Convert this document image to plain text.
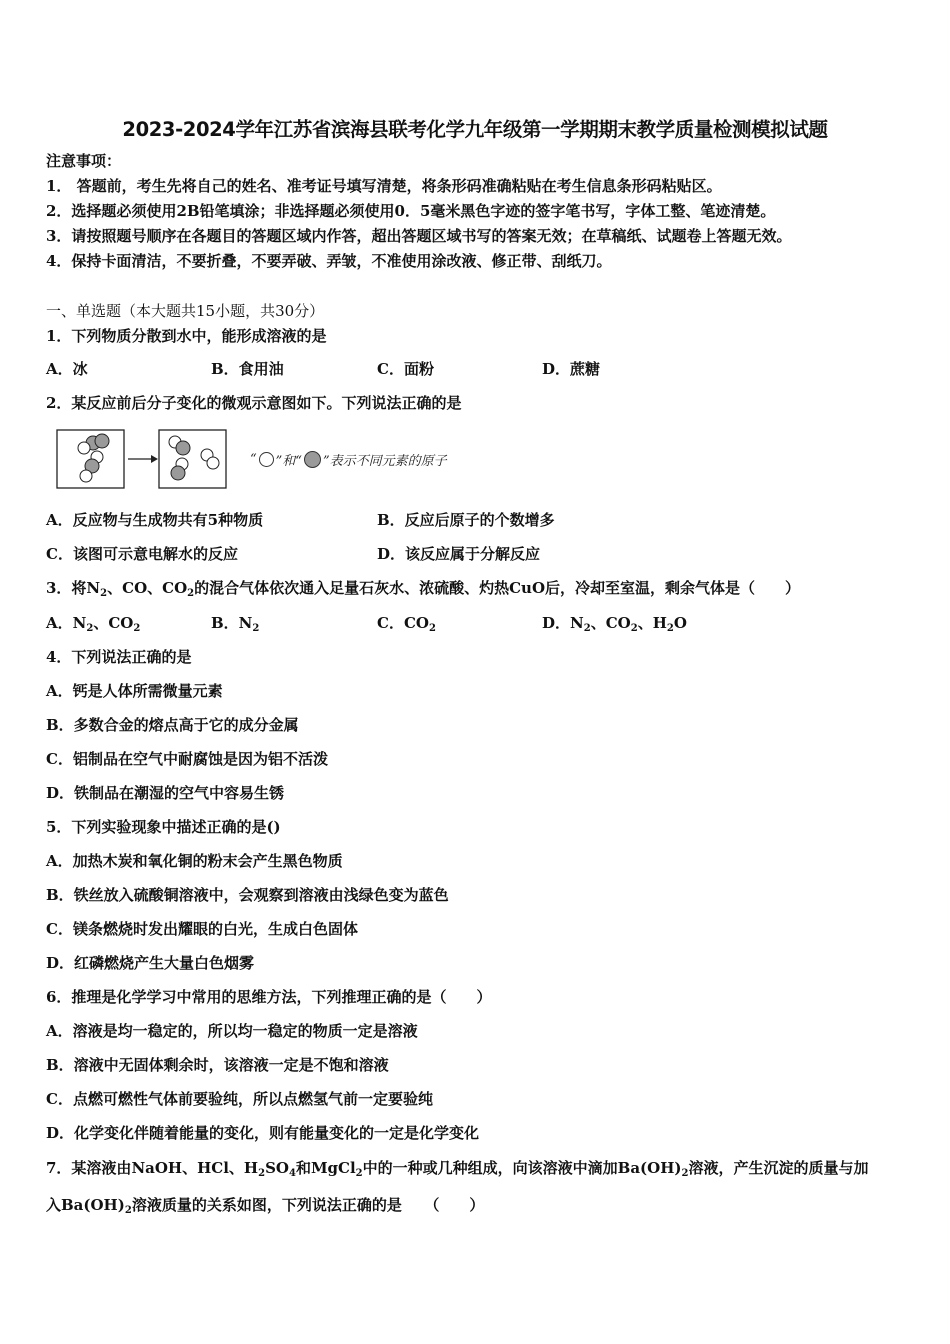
2023-2024学年江苏省滨海县联考化学九年级第一学期期末教学质量检测模拟试题
注意事项：
1． 答题前，考生先将自己的姓名、准考证号填写清楚，将条形码准确粘贴在考生信息条形码粘贴区。
2．选择题必须使用2B铅笔填涂；非选择题必须使用0．5毫米黑色字迹的签字笔书写，字体工整、笔迹清楚。
3．请按照题号顺序在各题目的答题区域内作答，超出答题区域书写的答案无效；在草稿纸、试题卷上答题无效。
4．保持卡面清洁，不要折叠，不要弄破、弄皱，不准使用涂改液、修正带、刮纸刀。
一、单选题（本大题共15小题，共30分）
1．下列物质分散到水中，能形成溶液的是
A．冰	B．食用油	C．面粉	D．蔗糖
2．某反应前后分子变化的微观示意图如下。下列说法正确的是
“ ”和“ ”表示不同元素的原子
A．反应物与生成物共有5种物质	B．反应后原子的个数增多
C．该图可示意电解水的反应	D．该反应属于分解反应
3．将$N_2$、CO、$CO_2$的混合气体依次通入足量石灰水、浓硫酸、灼热CuO后，冷却至室温，剩余气体是（　　）
A．$N_2$、$CO_2$	B．$N_2$	C．$CO_2$	D．$N_2$、$CO_2$、$H_2O$
4．下列说法正确的是
A．钙是人体所需微量元素
B．多数合金的熔点高于它的成分金属
C．铝制品在空气中耐腐蚀是因为铝不活泼
D．铁制品在潮湿的空气中容易生锈
5．下列实验现象中描述正确的是()
A．加热木炭和氧化铜的粉末会产生黑色物质
B．铁丝放入硫酸铜溶液中，会观察到溶液由浅绿色变为蓝色
C．镁条燃烧时发出耀眼的白光，生成白色固体
D．红磷燃烧产生大量白色烟雾
6．推理是化学学习中常用的思维方法，下列推理正确的是（　　）
A．溶液是均一稳定的，所以均一稳定的物质一定是溶液
B．溶液中无固体剩余时，该溶液一定是不饱和溶液
C．点燃可燃性气体前要验纯，所以点燃氢气前一定要验纯
D．化学变化伴随着能量的变化，则有能量变化的一定是化学变化
7．某溶液由NaOH、HCl、$H_2SO_4$和MgCl$_2$中的一种或几种组成，向该溶液中滴加$Ba(OH)_2$溶液，产生沉淀的质量与加
入$Ba(OH)_2$溶液质量的关系如图，下列说法正确的是　　（　　）
